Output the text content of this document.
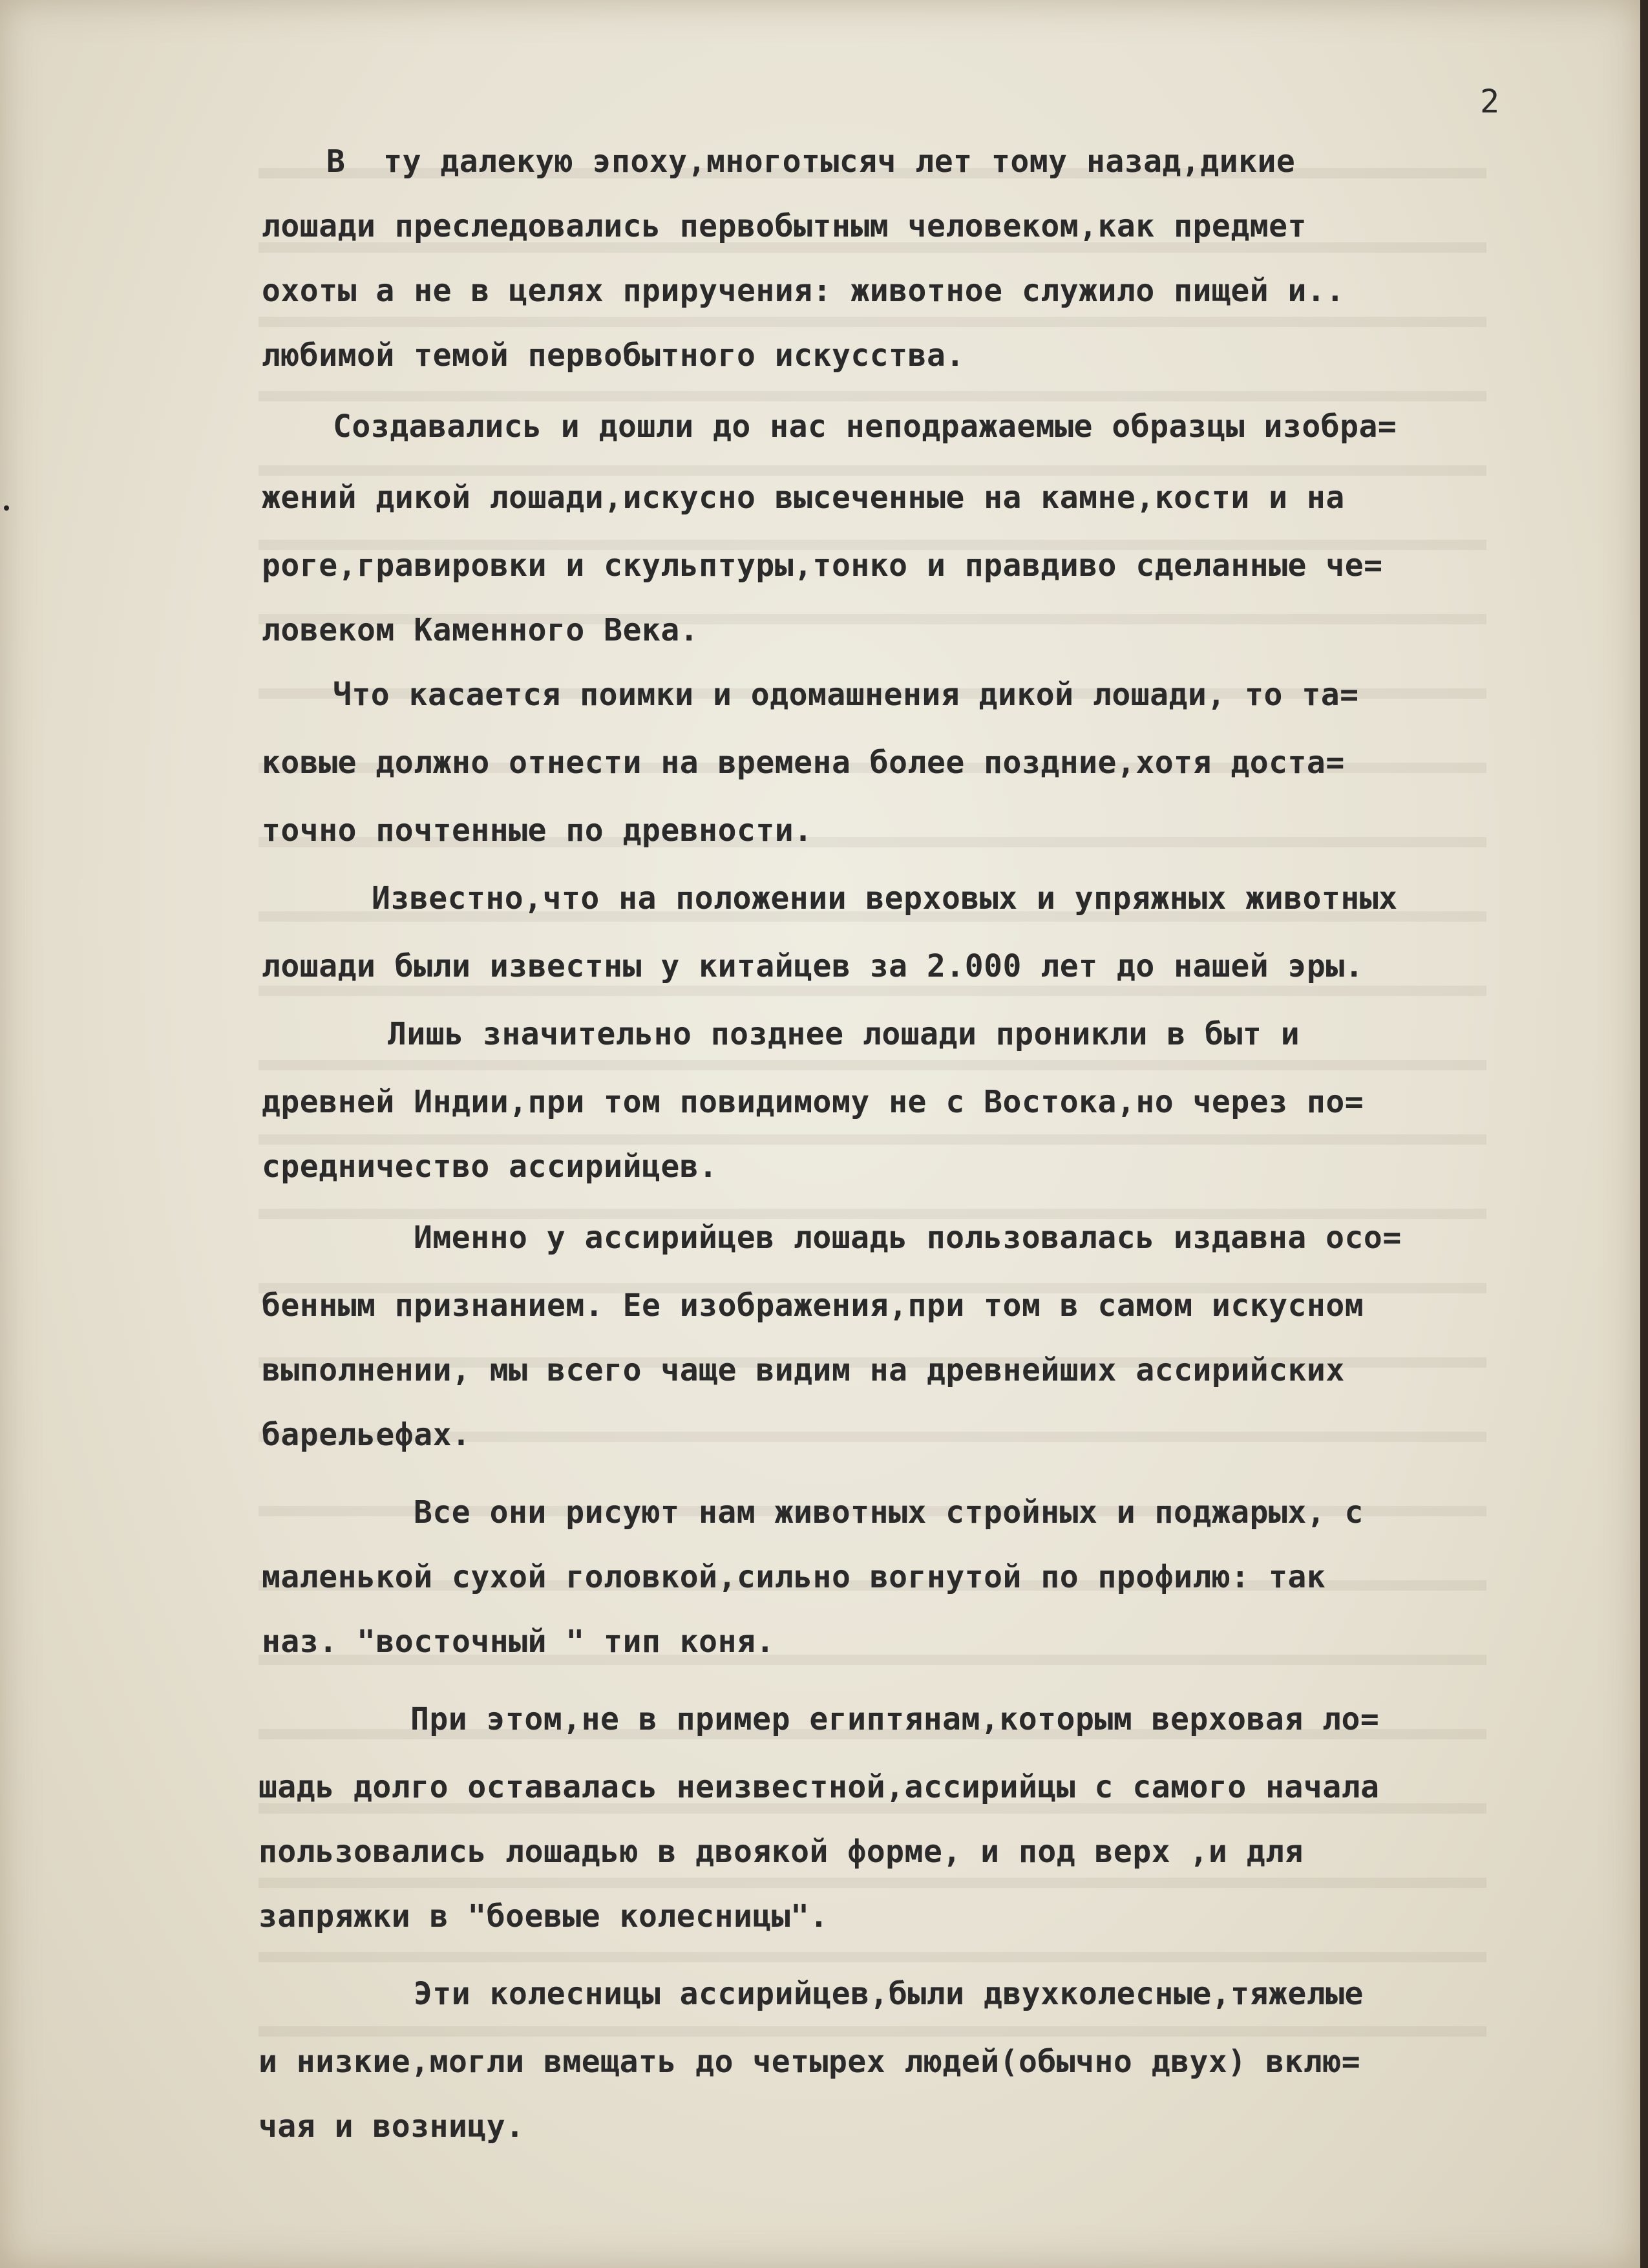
2
В  ту далекую эпоху,многотысяч лет тому назад,дикие
лошади преследовались первобытным человеком,как предмет
охоты а не в целях приручения: животное служило пищей и..
любимой темой первобытного искусства.
Создавались и дошли до нас неподражаемые образцы изобра=
жений дикой лошади,искусно высеченные на камне,кости и на
роге,гравировки и скульптуры,тонко и правдиво сделанные че=
ловеком Каменного Века.
Что касается поимки и одомашнения дикой лошади, то та=
ковые должно отнести на времена более поздние,хотя доста=
точно почтенные по древности.
Известно,что на положении верховых и упряжных животных
лошади были известны у китайцев за 2.000 лет до нашей эры.
Лишь значительно позднее лошади проникли в быт и
древней Индии,при том повидимому не с Востока,но через по=
средничество ассирийцев.
Именно у ассирийцев лошадь пользовалась издавна осо=
бенным признанием. Ее изображения,при том в самом искусном
выполнении, мы всего чаще видим на древнейших ассирийских
барельефах.
Все они рисуют нам животных стройных и поджарых, с
маленькой сухой головкой,сильно вогнутой по профилю: так
наз. "восточный " тип коня.
При этом,не в пример египтянам,которым верховая ло=
шадь долго оставалась неизвестной,ассирийцы с самого начала
пользовались лошадью в двоякой форме, и под верх ,и для
запряжки в "боевые колесницы".
Эти колесницы ассирийцев,были двухколесные,тяжелые
и низкие,могли вмещать до четырех людей(обычно двух) вклю=
чая и возницу.
